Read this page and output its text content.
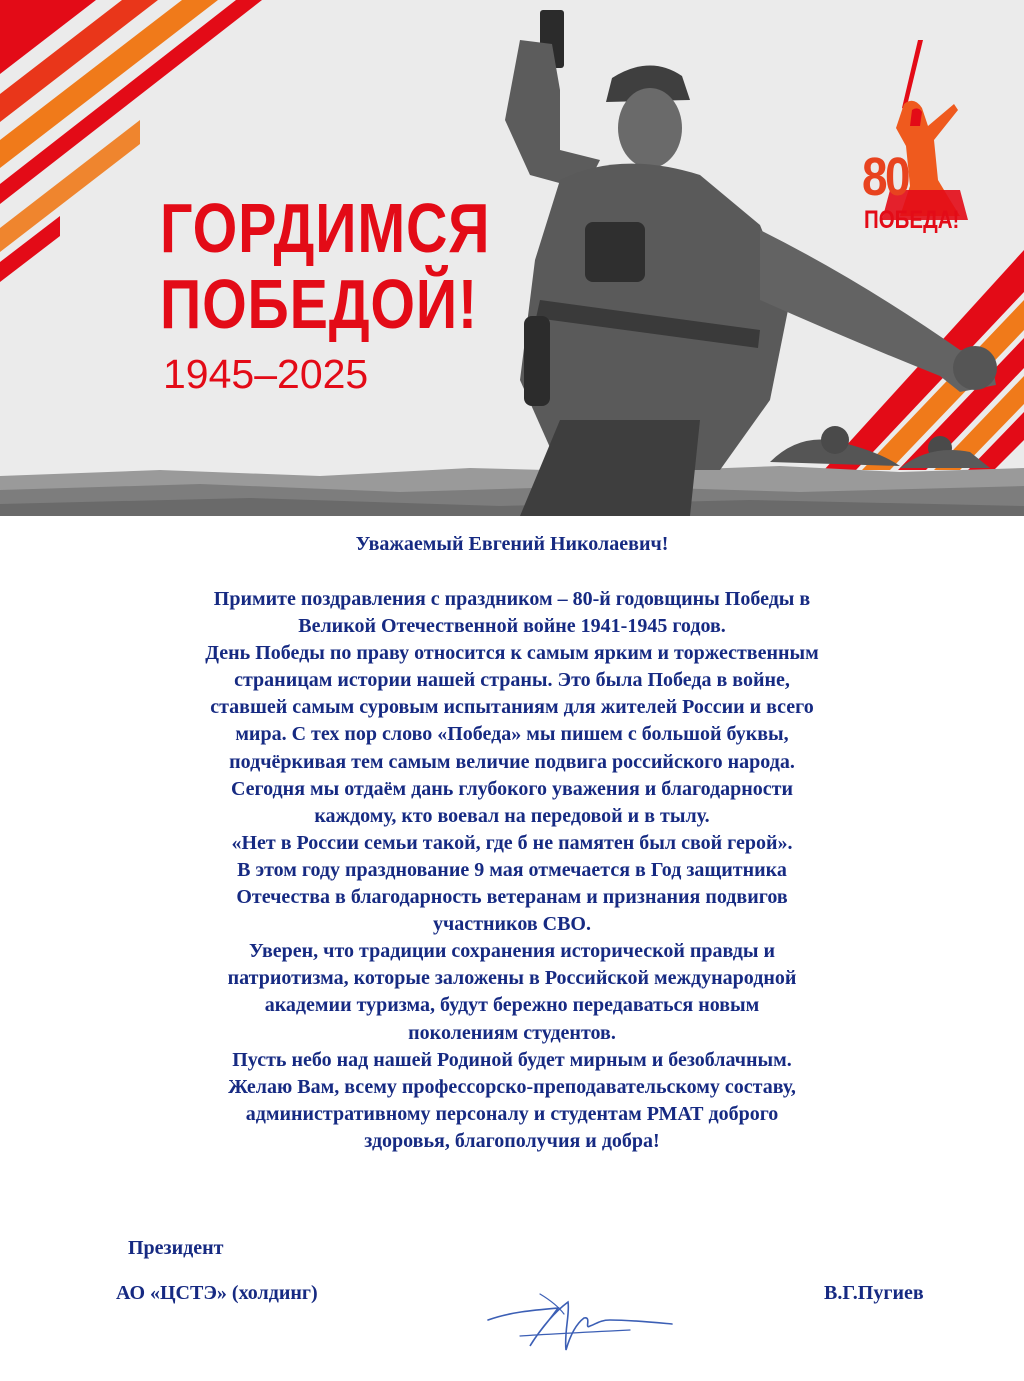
ГОРДИМСЯ
ПОБЕДОЙ!
1945–2025
80
ПОБЕДА!

Уважаемый Евгений Николаевич!

Примите поздравления с праздником – 80-й годовщины Победы в
Великой Отечественной войне 1941-1945 годов.
День Победы по праву относится к самым ярким и торжественным
страницам истории нашей страны. Это была Победа в войне,
ставшей самым суровым испытаниям для жителей России и всего
мира. С тех пор слово «Победа» мы пишем с большой буквы,
подчёркивая тем самым величие подвига российского народа.
Сегодня мы отдаём дань глубокого уважения и благодарности
каждому, кто воевал на передовой и в тылу.
«Нет в России семьи такой, где б не памятен был свой герой».
В этом году празднование 9 мая отмечается в Год защитника
Отечества в благодарность ветеранам и признания подвигов
участников СВО.
Уверен, что традиции сохранения исторической правды и
патриотизма, которые заложены в Российской международной
академии туризма, будут бережно передаваться новым
поколениям студентов.
Пусть небо над нашей Родиной будет мирным и безоблачным.
Желаю Вам, всему профессорско-преподавательскому составу,
административному персоналу и студентам РМАТ доброго
здоровья, благополучия и добра!
Президент
АО «ЦСТЭ» (холдинг)	В.Г.Пугиев
